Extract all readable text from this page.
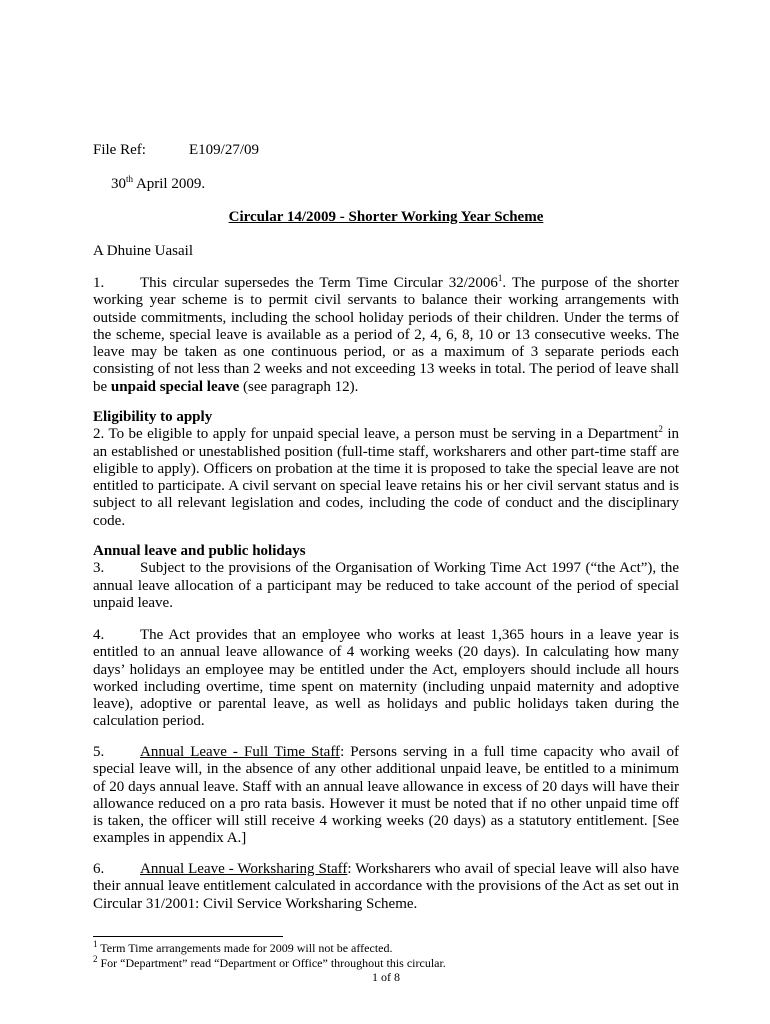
File Ref:	E109/27/09
30th April 2009.
Circular 14/2009 - Shorter Working Year Scheme
A Dhuine Uasail

1. This circular supersedes the Term Time Circular 32/2006$^1$. The purpose of the shorter working year scheme is to permit civil servants to balance their working arrangements with outside commitments, including the school holiday periods of their children. Under the terms of the scheme, special leave is available as a period of 2, 4, 6, 8, 10 or 13 consecutive weeks. The leave may be taken as one continuous period, or as a maximum of 3 separate periods each consisting of not less than 2 weeks and not exceeding 13 weeks in total. The period of leave shall be unpaid special leave (see paragraph 12).

Eligibility to apply

2. To be eligible to apply for unpaid special leave, a person must be serving in a Department$^2$ in an established or unestablished position (full-time staff, worksharers and other part-time staff are eligible to apply). Officers on probation at the time it is proposed to take the special leave are not entitled to participate. A civil servant on special leave retains his or her civil servant status and is subject to all relevant legislation and codes, including the code of conduct and the disciplinary code.

Annual leave and public holidays

3. Subject to the provisions of the Organisation of Working Time Act 1997 (“the Act”), the annual leave allocation of a participant may be reduced to take account of the period of special unpaid leave.

4. The Act provides that an employee who works at least 1,365 hours in a leave year is entitled to an annual leave allowance of 4 working weeks (20 days). In calculating how many days’ holidays an employee may be entitled under the Act, employers should include all hours worked including overtime, time spent on maternity (including unpaid maternity and adoptive leave), adoptive or parental leave, as well as holidays and public holidays taken during the calculation period.

5. Annual Leave - Full Time Staff: Persons serving in a full time capacity who avail of special leave will, in the absence of any other additional unpaid leave, be entitled to a minimum of 20 days annual leave. Staff with an annual leave allowance in excess of 20 days will have their allowance reduced on a pro rata basis. However it must be noted that if no other unpaid time off is taken, the officer will still receive 4 working weeks (20 days) as a statutory entitlement. [See examples in appendix A.]

6. Annual Leave - Worksharing Staff: Worksharers who avail of special leave will also have their annual leave entitlement calculated in accordance with the provisions of the Act as set out in Circular 31/2001: Civil Service Worksharing Scheme.

$^1$ Term Time arrangements made for 2009 will not be affected.
$^2$ For “Department” read “Department or Office” throughout this circular.
1 of 8
